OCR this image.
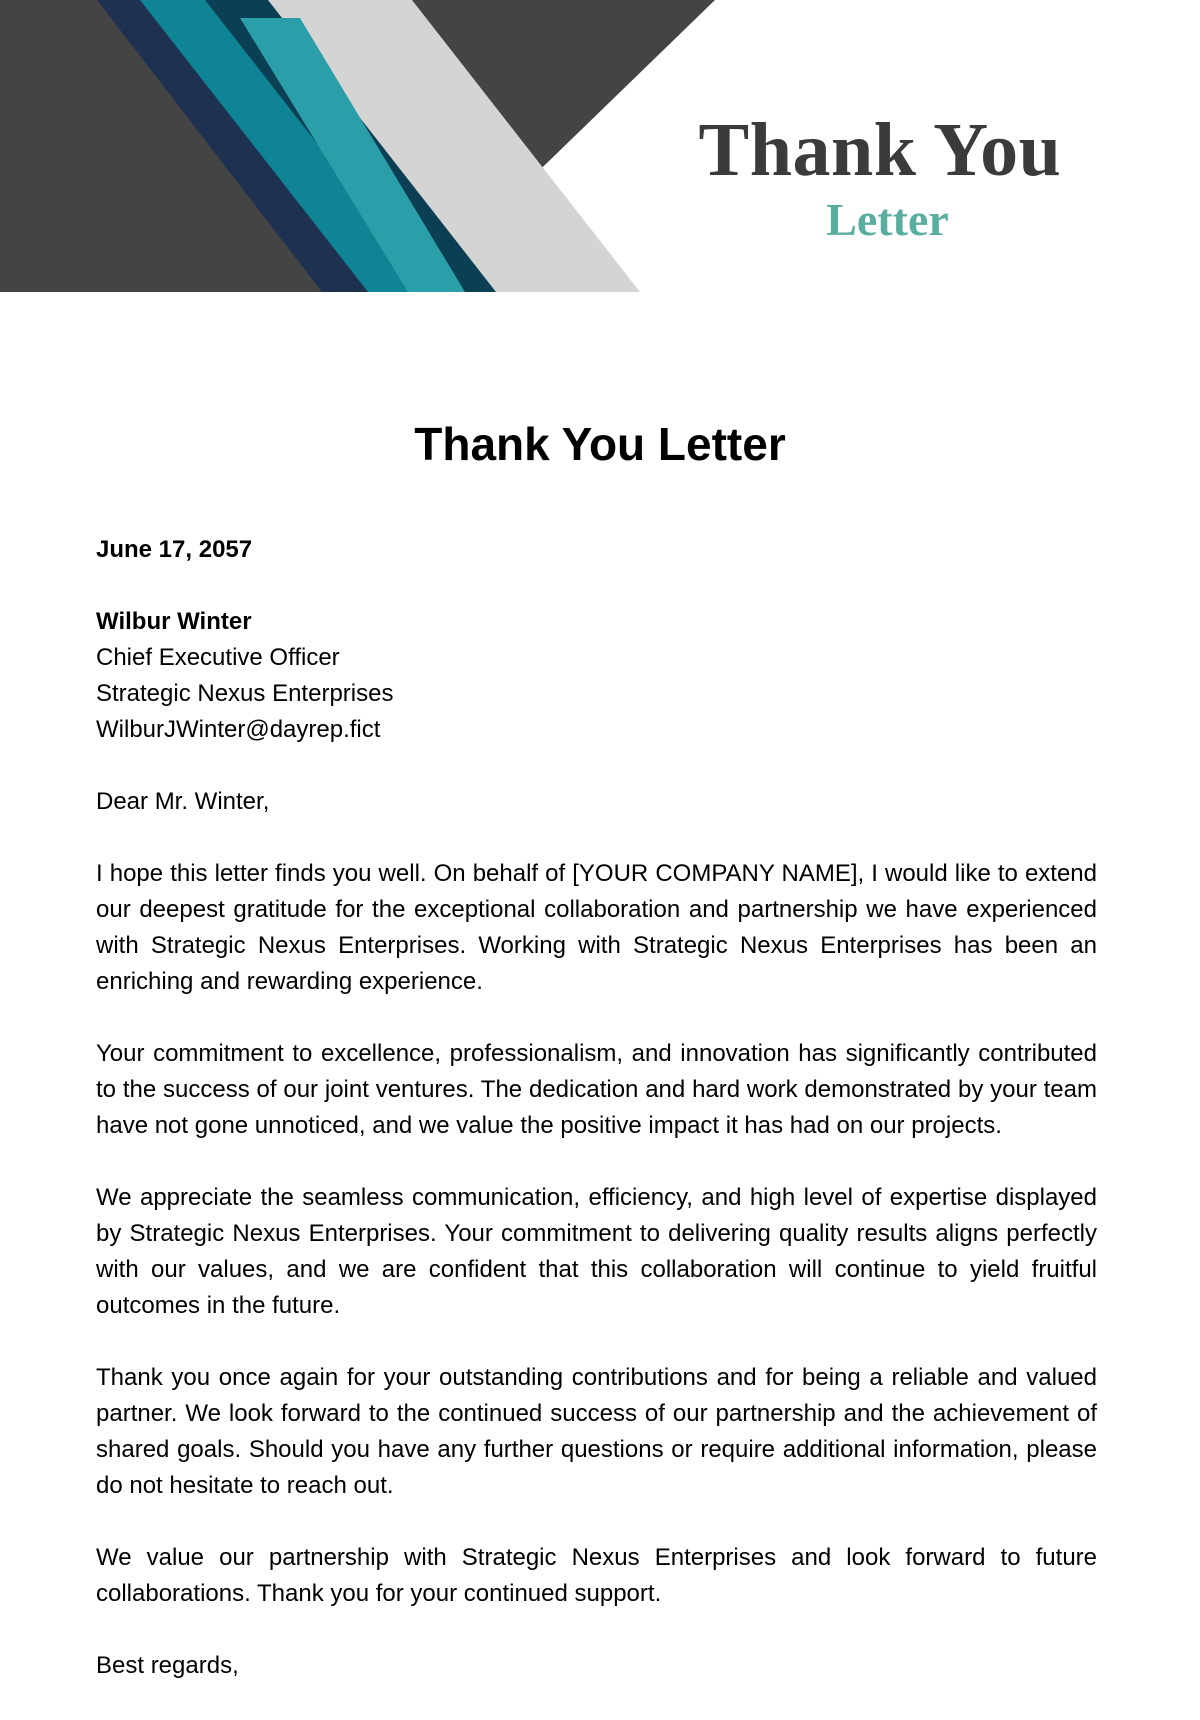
Thank You
Letter
Thank You Letter

June 17, 2057

Wilbur Winter
Chief Executive Officer
Strategic Nexus Enterprises
WilburJWinter@dayrep.fict

Dear Mr. Winter,

I hope this letter finds you well. On behalf of [YOUR COMPANY NAME], I would like to extend our deepest gratitude for the exceptional collaboration and partnership we have experienced with Strategic Nexus Enterprises. Working with Strategic Nexus Enterprises has been an enriching and rewarding experience.

Your commitment to excellence, professionalism, and innovation has significantly contributed to the success of our joint ventures. The dedication and hard work demonstrated by your team have not gone unnoticed, and we value the positive impact it has had on our projects.

We appreciate the seamless communication, efficiency, and high level of expertise displayed by Strategic Nexus Enterprises. Your commitment to delivering quality results aligns perfectly with our values, and we are confident that this collaboration will continue to yield fruitful outcomes in the future.

Thank you once again for your outstanding contributions and for being a reliable and valued partner. We look forward to the continued success of our partnership and the achievement of shared goals. Should you have any further questions or require additional information, please do not hesitate to reach out.

We value our partnership with Strategic Nexus Enterprises and look forward to future collaborations. Thank you for your continued support.

Best regards,
